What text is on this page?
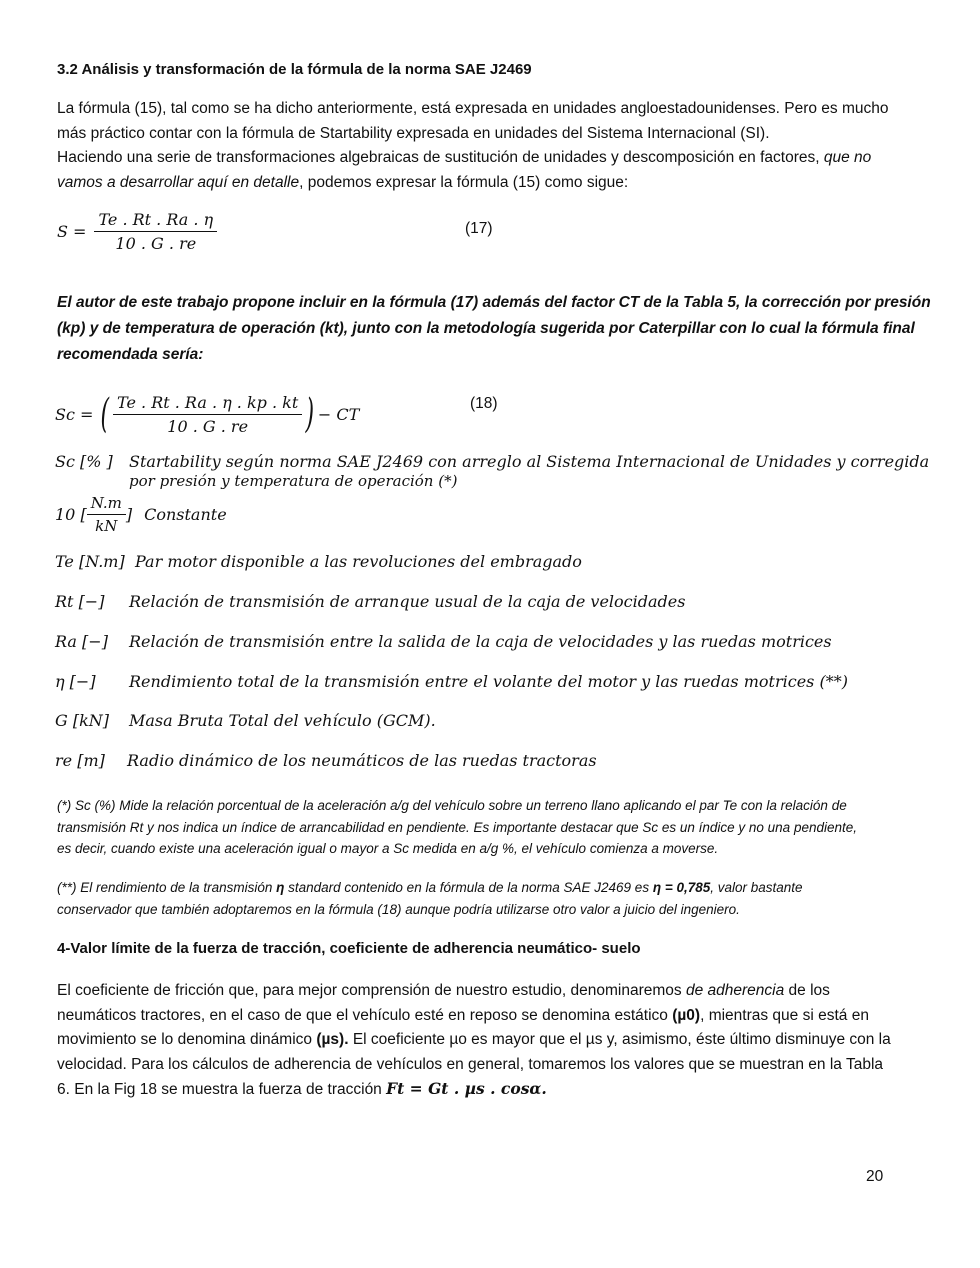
3.2 Análisis y transformación de la fórmula de la norma SAE J2469
La fórmula (15), tal como se ha dicho anteriormente, está expresada en unidades angloestadounidenses. Pero es mucho
más práctico contar con la fórmula de Startability expresada en unidades del Sistema Internacional (SI).
Haciendo una serie de transformaciones algebraicas de sustitución de unidades y descomposición en factores, que no
vamos a desarrollar aquí en detalle, podemos expresar la fórmula (15) como sigue:
$S = \frac{Te . Rt . Ra . \eta}{10 . G . re}$	(17)
El autor de este trabajo propone incluir en la fórmula (17) además del factor CT de la Tabla 5, la corrección por presión
(kp) y de temperatura de operación (kt), junto con la metodología sugerida por Caterpillar con lo cual la fórmula final
recomendada sería:
Sc = ( $\frac{Te . Rt . Ra . \eta . kp . kt}{10 . G . re}$ ) − CT
(18)
Sc [% ] Startability según norma SAE J2469 con arreglo al Sistema Internacional de Unidades y corregida
por presión y temperatura de operación (*)
10 [ $\frac{N.m}{kN}$ ] Constante
Te [N.m] Par motor disponible a las revoluciones del embragado
Rt [−] Relación de transmisión de arranque usual de la caja de velocidades
Ra [−] Relación de transmisión entre la salida de la caja de velocidades y las ruedas motrices
η [−] Rendimiento total de la transmisión entre el volante del motor y las ruedas motrices (**)
G [kN] Masa Bruta Total del vehículo (GCM).
re [m] Radio dinámico de los neumáticos de las ruedas tractoras
(*) Sc (%) Mide la relación porcentual de la aceleración a/g del vehículo sobre un terreno llano aplicando el par Te con la relación de
transmisión Rt y nos indica un índice de arrancabilidad en pendiente. Es importante destacar que Sc es un índice y no una pendiente,
es decir, cuando existe una aceleración igual o mayor a Sc medida en a/g %, el vehículo comienza a moverse.
(**) El rendimiento de la transmisión η standard contenido en la fórmula de la norma SAE J2469 es η = 0,785, valor bastante
conservador que también adoptaremos en la fórmula (18) aunque podría utilizarse otro valor a juicio del ingeniero.
4-Valor límite de la fuerza de tracción, coeficiente de adherencia neumático- suelo
El coeficiente de fricción que, para mejor comprensión de nuestro estudio, denominaremos de adherencia de los
neumáticos tractores, en el caso de que el vehículo esté en reposo se denomina estático (µ0), mientras que si está en
movimiento se lo denomina dinámico (µs). El coeficiente µo es mayor que el µs y, asimismo, éste último disminuye con la
velocidad. Para los cálculos de adherencia de vehículos en general, tomaremos los valores que se muestran en la Tabla
6. En la Fig 18 se muestra la fuerza de tracción Ft = Gt . µs . cosα.
20
